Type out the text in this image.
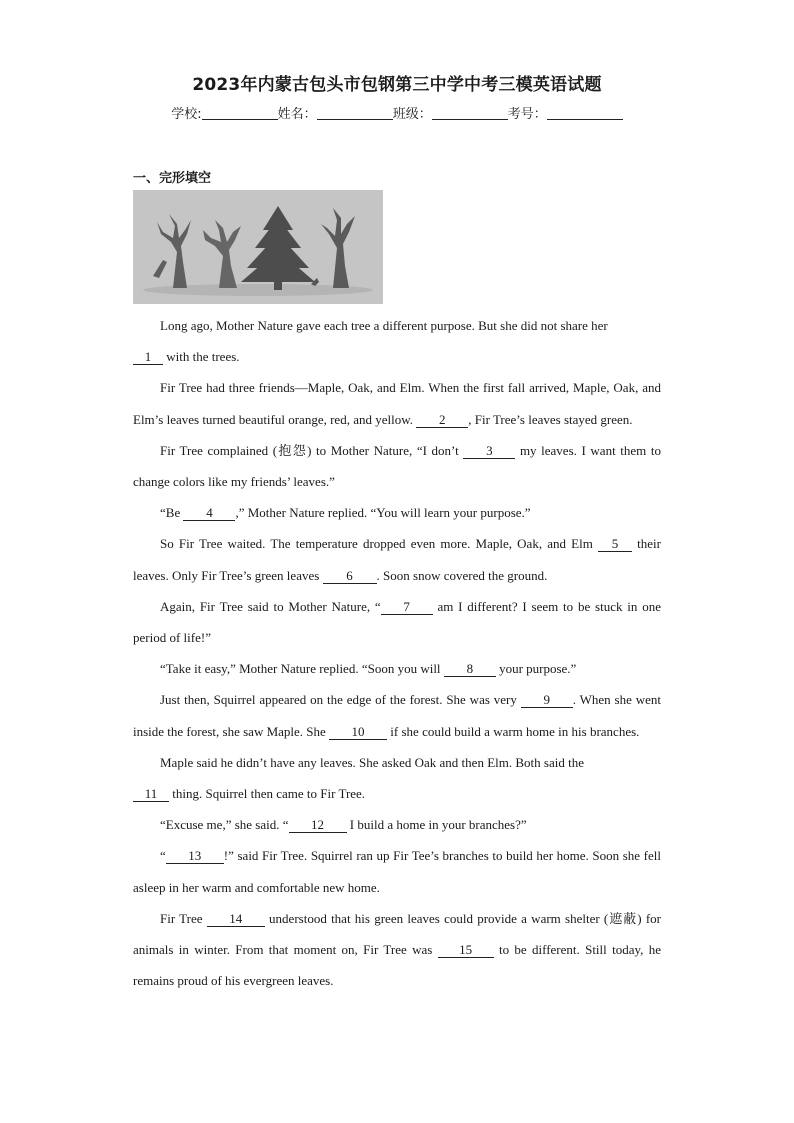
2023年内蒙古包头市包钢第三中学中考三模英语试题
学校:	姓名：	班级：	考号：
一、完形填空

Long ago, Mother Nature gave each tree a different purpose. But she did not share her

1 with the trees.

Fir Tree had three friends—Maple, Oak, and Elm. When the first fall arrived, Maple, Oak, and Elm’s leaves turned beautiful orange, red, and yellow. 2 , Fir Tree’s leaves stayed green.

Fir Tree complained (抱怨) to Mother Nature, “I don’t 3 my leaves. I want them to change colors like my friends’ leaves.”

“Be 4 ,” Mother Nature replied. “You will learn your purpose.”

So Fir Tree waited. The temperature dropped even more. Maple, Oak, and Elm 5 their leaves. Only Fir Tree’s green leaves 6 . Soon snow covered the ground.

Again, Fir Tree said to Mother Nature, “ 7 am I different? I seem to be stuck in one period of life!”

“Take it easy,” Mother Nature replied. “Soon you will 8 your purpose.”

Just then, Squirrel appeared on the edge of the forest. She was very 9 . When she went inside the forest, she saw Maple. She 10 if she could build a warm home in his branches.

Maple said he didn’t have any leaves. She asked Oak and then Elm. Both said the

11 thing. Squirrel then came to Fir Tree.

“Excuse me,” she said. “ 12 I build a home in your branches?”

“ 13 !” said Fir Tree. Squirrel ran up Fir Tee’s branches to build her home. Soon she fell asleep in her warm and comfortable new home.

Fir Tree 14 understood that his green leaves could provide a warm shelter (遮蔽) for animals in winter. From that moment on, Fir Tree was 15 to be different. Still today, he remains proud of his evergreen leaves.
